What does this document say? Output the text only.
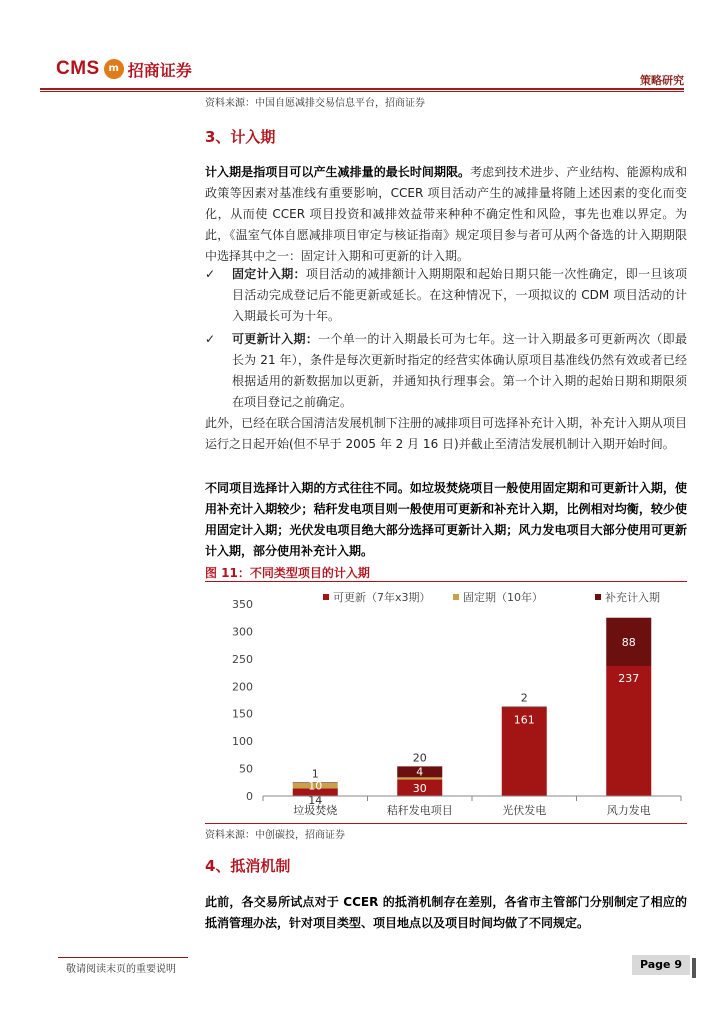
CMS m 招商证券
策略研究
资料来源：中国自愿减排交易信息平台，招商证券
3、计入期
计入期是指项目可以产生减排量的最长时间期限。考虑到技术进步、产业结构、能源构成和政策等因素对基准线有重要影响，CCER 项目活动产生的减排量将随上述因素的变化而变化，从而使 CCER 项目投资和减排效益带来种种不确定性和风险，事先也难以界定。为此，《温室气体自愿减排项目审定与核证指南》规定项目参与者可从两个备选的计入期期限中选择其中之一：固定计入期和可更新的计入期。
✓	固定计入期：项目活动的减排额计入期期限和起始日期只能一次性确定，即一旦该项目活动完成登记后不能更新或延长。在这种情况下，一项拟议的 CDM 项目活动的计入期最长可为十年。
✓	可更新计入期：一个单一的计入期最长可为七年。这一计入期最多可更新两次（即最长为 21 年），条件是每次更新时指定的经营实体确认原项目基准线仍然有效或者已经根据适用的新数据加以更新，并通知执行理事会。第一个计入期的起始日期和期限须在项目登记之前确定。
此外，已经在联合国清洁发展机制下注册的减排项目可选择补充计入期，补充计入期从项目运行之日起开始(但不早于 2005 年 2 月 16 日)并截止至清洁发展机制计入期开始时间。
不同项目选择计入期的方式往往不同。如垃圾焚烧项目一般使用固定期和可更新计入期，使用补充计入期较少；秸秆发电项目则一般使用可更新和补充计入期，比例相对均衡，较少使用固定计入期；光伏发电项目绝大部分选择可更新计入期；风力发电项目大部分使用可更新计入期，部分使用补充计入期。
图 11：不同类型项目的计入期
0
50
100
150
200
250
300
350
14
10
1
30
4
20
161
2
237
88
垃圾焚烧	秸秆发电项目	光伏发电	风力发电
可更新（7年x3期）	固定期（10年）	补充计入期
资料来源：中创碳投，招商证券
4、抵消机制
此前，各交易所试点对于 CCER 的抵消机制存在差别，各省市主管部门分别制定了相应的抵消管理办法，针对项目类型、项目地点以及项目时间均做了不同规定。
敬请阅读末页的重要说明	Page 9
